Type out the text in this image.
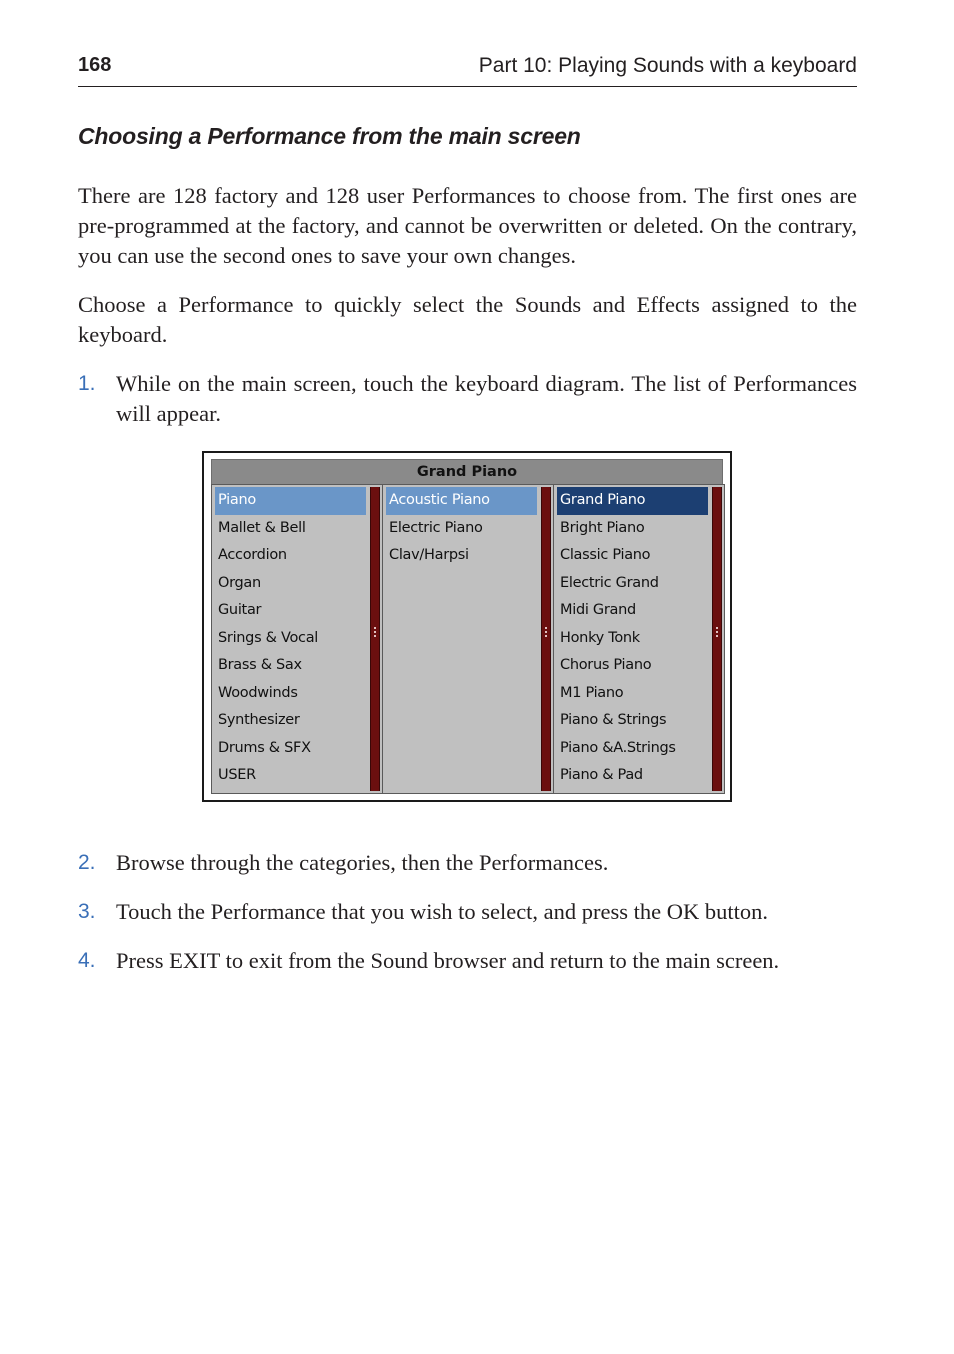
168	Part 10: Playing Sounds with a keyboard
Choosing a Performance from the main screen

There are 128 factory and 128 user Performances to choose from. The first ones are pre-programmed at the factory, and cannot be overwritten or deleted. On the contrary, you can use the second ones to save your own changes.

Choose a Performance to quickly select the Sounds and Effects assigned to the keyboard.

1. While on the main screen, touch the keyboard diagram. The list of Performances will appear.
Grand Piano
Piano
Mallet & Bell
Accordion
Organ
Guitar
Srings & Vocal
Brass & Sax
Woodwinds
Synthesizer
Drums & SFX
USER
Acoustic Piano
Electric Piano
Clav/Harpsi
Grand Piano
Bright Piano
Classic Piano
Electric Grand
Midi Grand
Honky Tonk
Chorus Piano
M1 Piano
Piano & Strings
Piano &A.Strings
Piano & Pad
2. Browse through the categories, then the Performances.
3. Touch the Performance that you wish to select, and press the OK button.
4. Press EXIT to exit from the Sound browser and return to the main screen.
